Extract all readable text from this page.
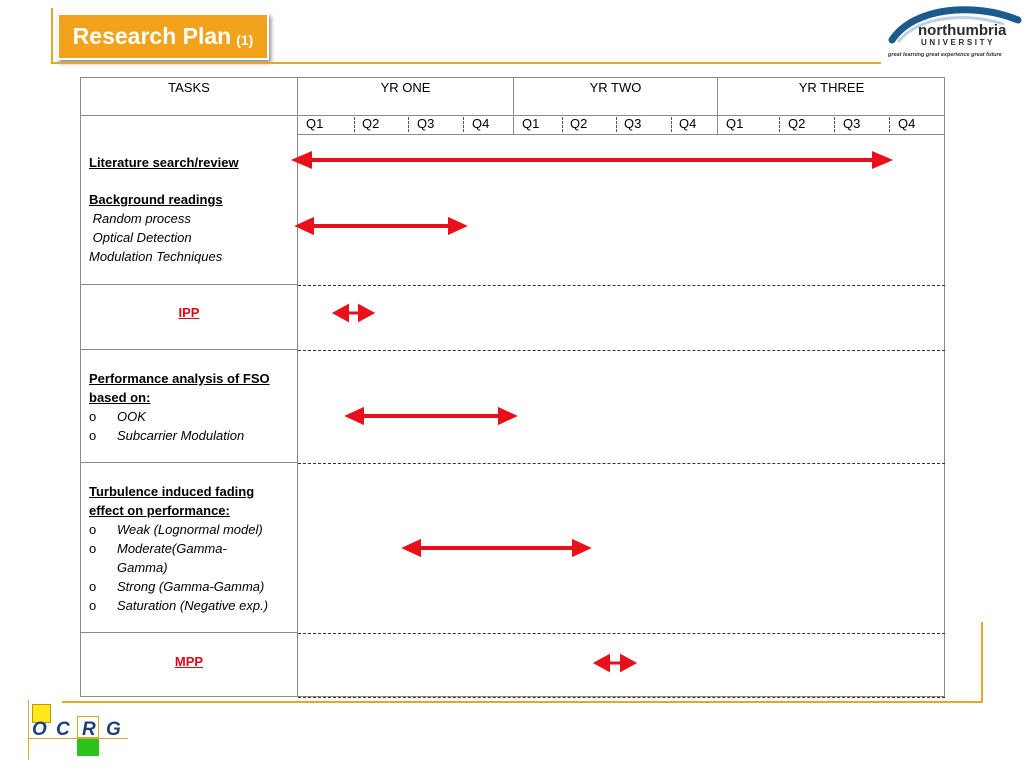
Research Plan (1)
northumbria
UNIVERSITY
great learning great experience great future
TASKS	YR ONE	YR TWO	YR THREE
Q1	Q2	Q3	Q4	Q1 Q2	Q3	Q4 Q1	Q2	Q3	Q4
Literature search/review
Background readings
Random process
Optical Detection
Modulation Techniques
IPP
Performance analysis of FSO
based on:
o	OOK
o	Subcarrier Modulation
Turbulence induced fading
effect on performance:
o	Weak (Lognormal model)
o	Moderate(Gamma-
Gamma)
o	Strong (Gamma-Gamma)
o	Saturation (Negative exp.)
MPP
O C R G
